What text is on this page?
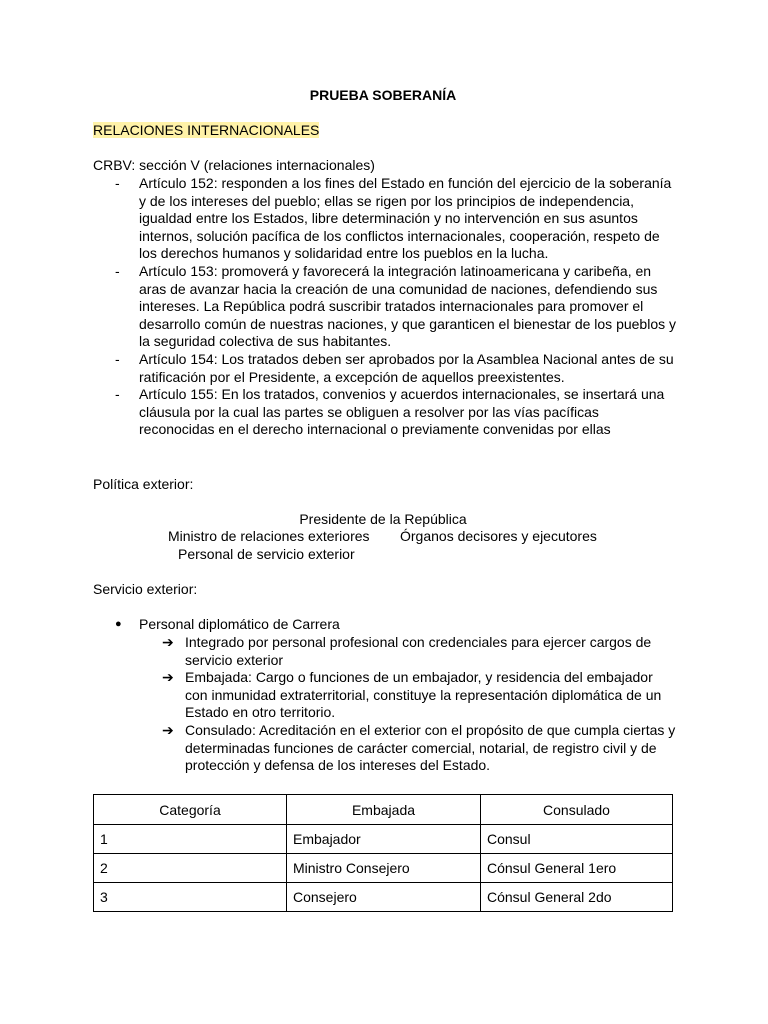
PRUEBA SOBERANÍA
RELACIONES INTERNACIONALES
CRBV: sección V (relaciones internacionales)
- Artículo 152: responden a los fines del Estado en función del ejercicio de la soberanía y de los intereses del pueblo; ellas se rigen por los principios de independencia, igualdad entre los Estados, libre determinación y no intervención en sus asuntos internos, solución pacífica de los conflictos internacionales, cooperación, respeto de los derechos humanos y solidaridad entre los pueblos en la lucha.
- Artículo 153: promoverá y favorecerá la integración latinoamericana y caribeña, en aras de avanzar hacia la creación de una comunidad de naciones, defendiendo sus intereses. La República podrá suscribir tratados internacionales para promover el desarrollo común de nuestras naciones, y que garanticen el bienestar de los pueblos y la seguridad colectiva de sus habitantes.
- Artículo 154: Los tratados deben ser aprobados por la Asamblea Nacional antes de su ratificación por el Presidente, a excepción de aquellos preexistentes.
- Artículo 155: En los tratados, convenios y acuerdos internacionales, se insertará una cláusula por la cual las partes se obliguen a resolver por las vías pacíficas reconocidas en el derecho internacional o previamente convenidas por ellas
Política exterior:
Presidente de la República
Ministro de relaciones exteriores Órganos decisores y ejecutores
Personal de servicio exterior
Servicio exterior:
● Personal diplomático de Carrera
➔ Integrado por personal profesional con credenciales para ejercer cargos de servicio exterior
➔ Embajada: Cargo o funciones de un embajador, y residencia del embajador con inmunidad extraterritorial, constituye la representación diplomática de un Estado en otro territorio.
➔ Consulado: Acreditación en el exterior con el propósito de que cumpla ciertas y determinadas funciones de carácter comercial, notarial, de registro civil y de protección y defensa de los intereses del Estado.
Categoría	Embajada	Consulado
1	Embajador	Consul
2	Ministro Consejero	Cónsul General 1ero
3	Consejero	Cónsul General 2do
